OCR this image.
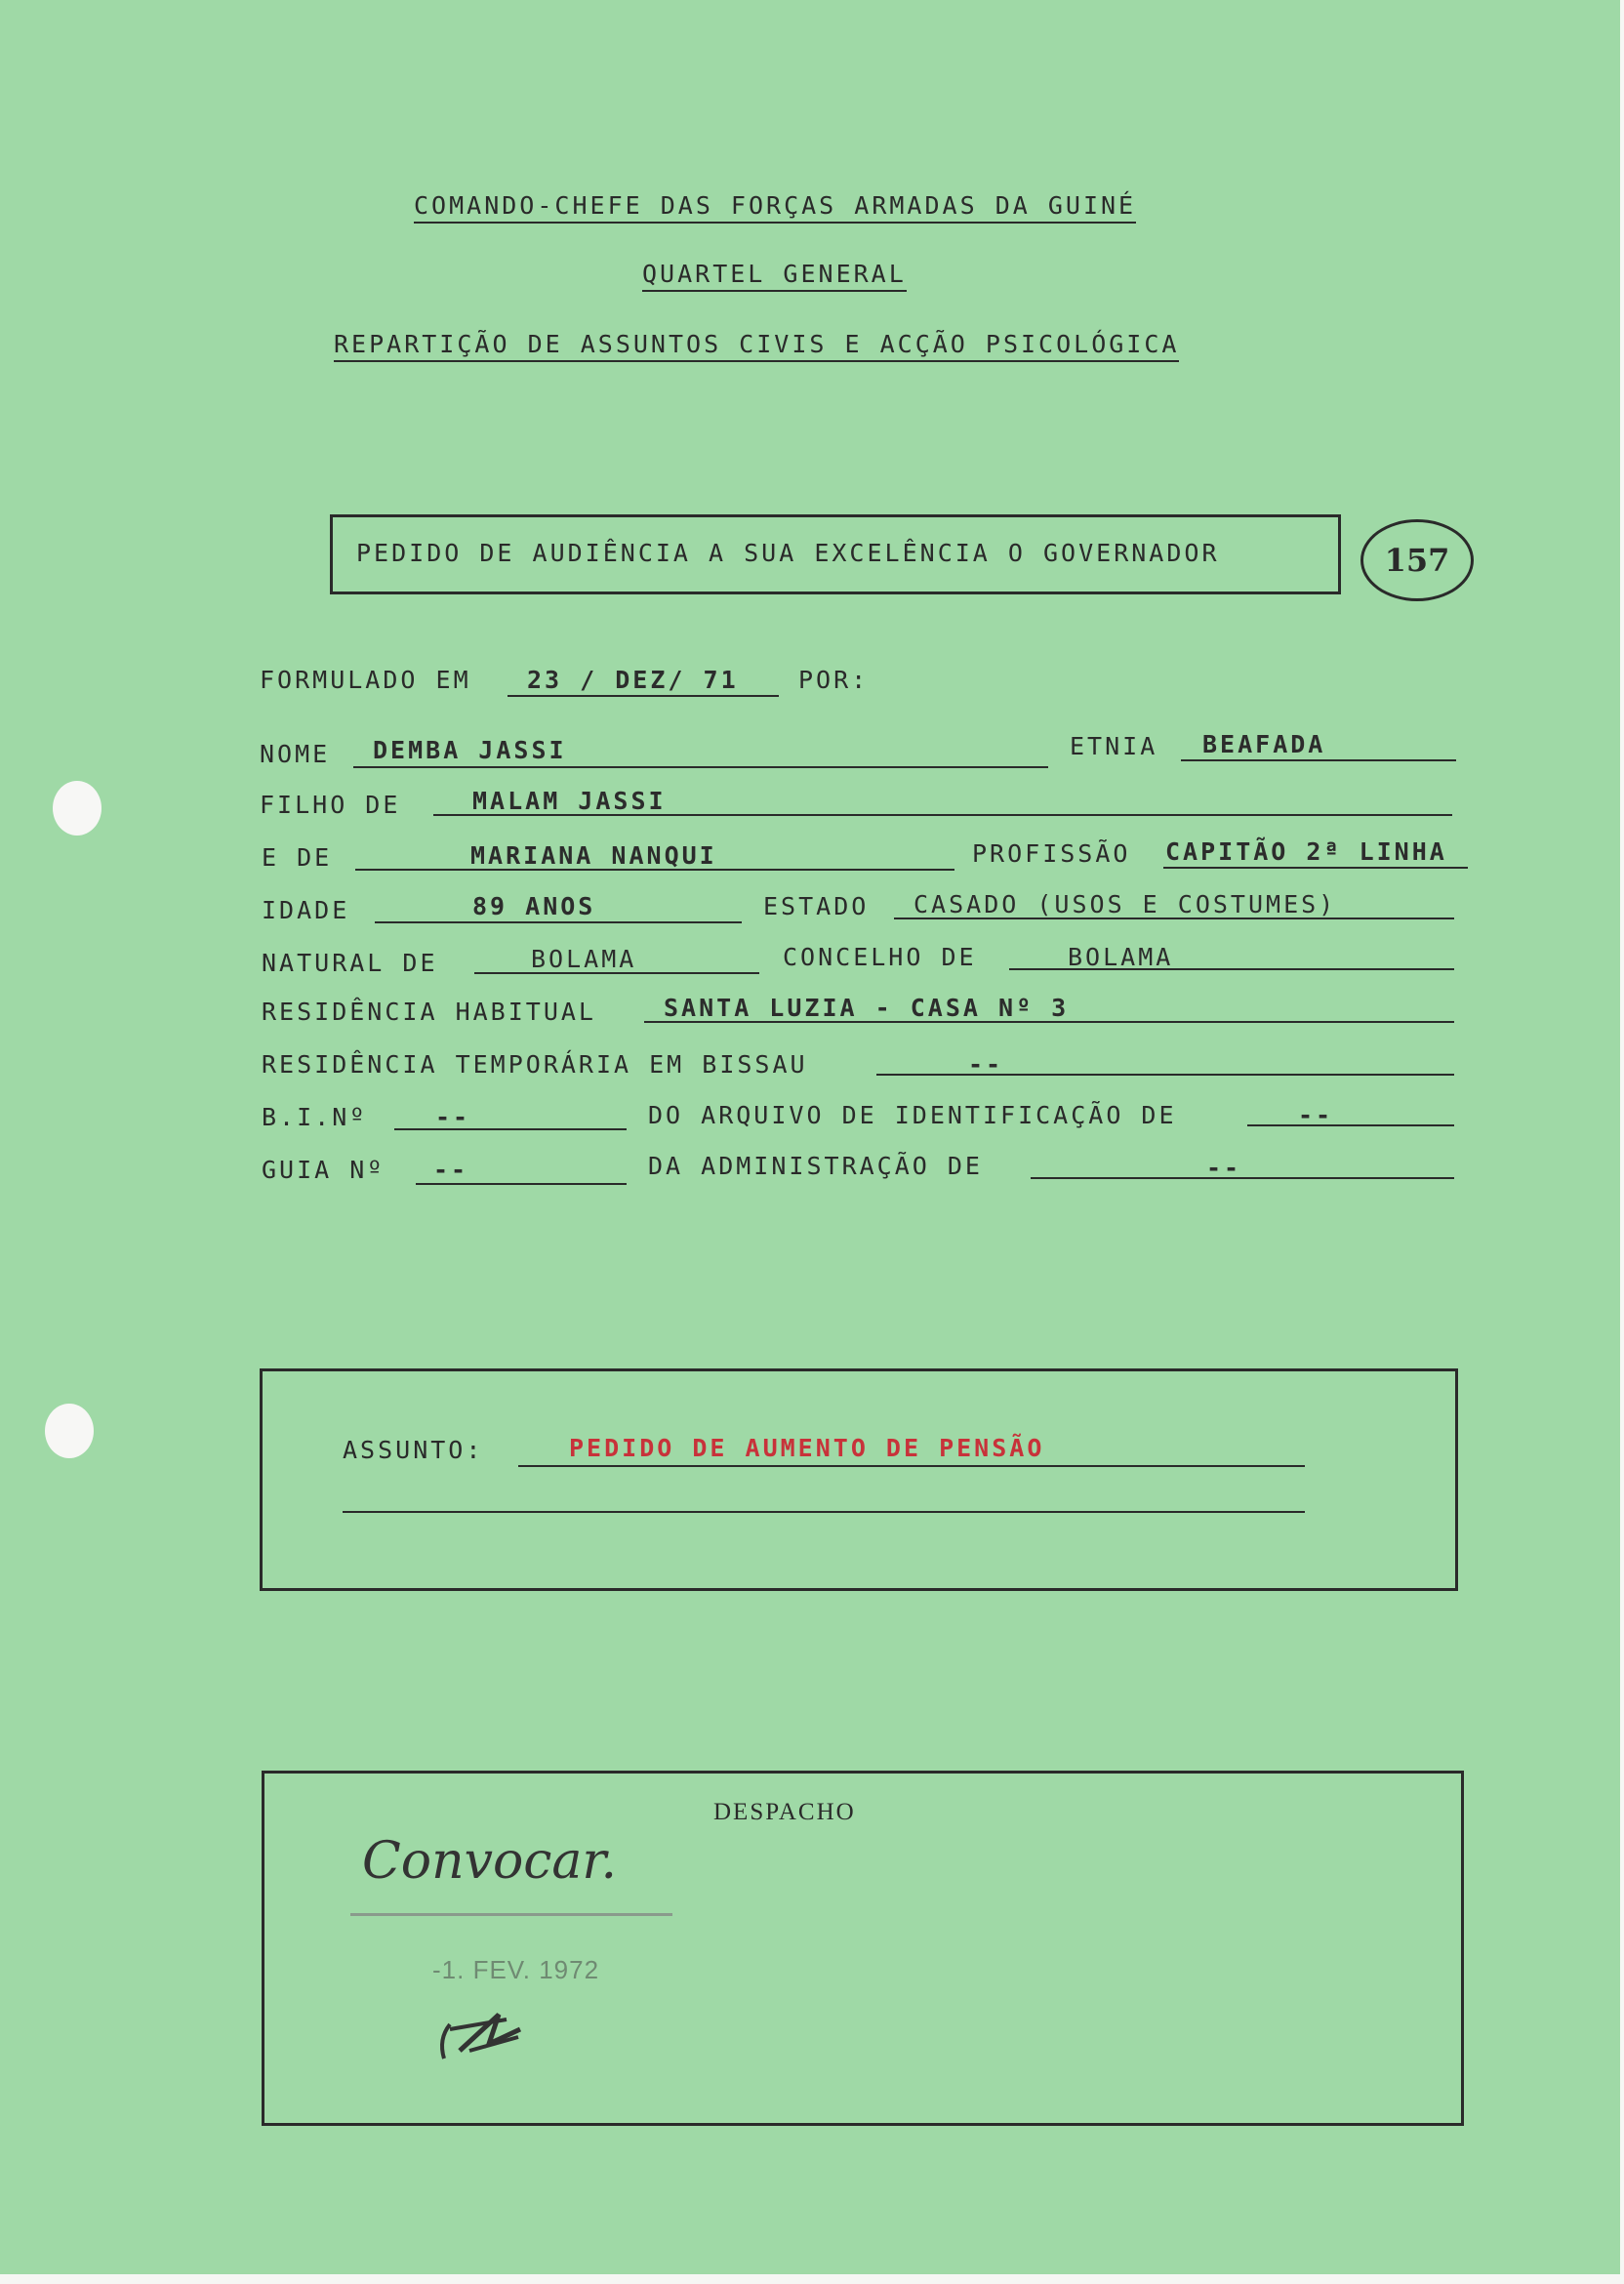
COMANDO-CHEFE DAS FORÇAS ARMADAS DA GUINÉ
QUARTEL GENERAL
REPARTIÇÃO DE ASSUNTOS CIVIS E ACÇÃO PSICOLÓGICA
PEDIDO DE AUDIÊNCIA A SUA EXCELÊNCIA O GOVERNADOR	157
FORMULADO EM 23 / DEZ/ 71 POR:
NOME DEMBA JASSI	ETNIA BEAFADA
FILHO DE	MALAM JASSI
E DE	MARIANA NANQUI	PROFISSÃO CAPITÃO 2ª LINHA
IDADE	89 ANOS	ESTADO CASADO (USOS E COSTUMES)
NATURAL DE	BOLAMA	CONCELHO DE	BOLAMA
RESIDÊNCIA HABITUAL	SANTA LUZIA - CASA Nº 3
RESIDÊNCIA TEMPORÁRIA EM BISSAU	--
B.I.Nº	--	DO ARQUIVO DE IDENTIFICAÇÃO DE	--
GUIA Nº --	DA ADMINISTRAÇÃO DE	--
ASSUNTO:	PEDIDO DE AUMENTO DE PENSÃO
DESPACHO
Convocar.
-1. FEV. 1972
